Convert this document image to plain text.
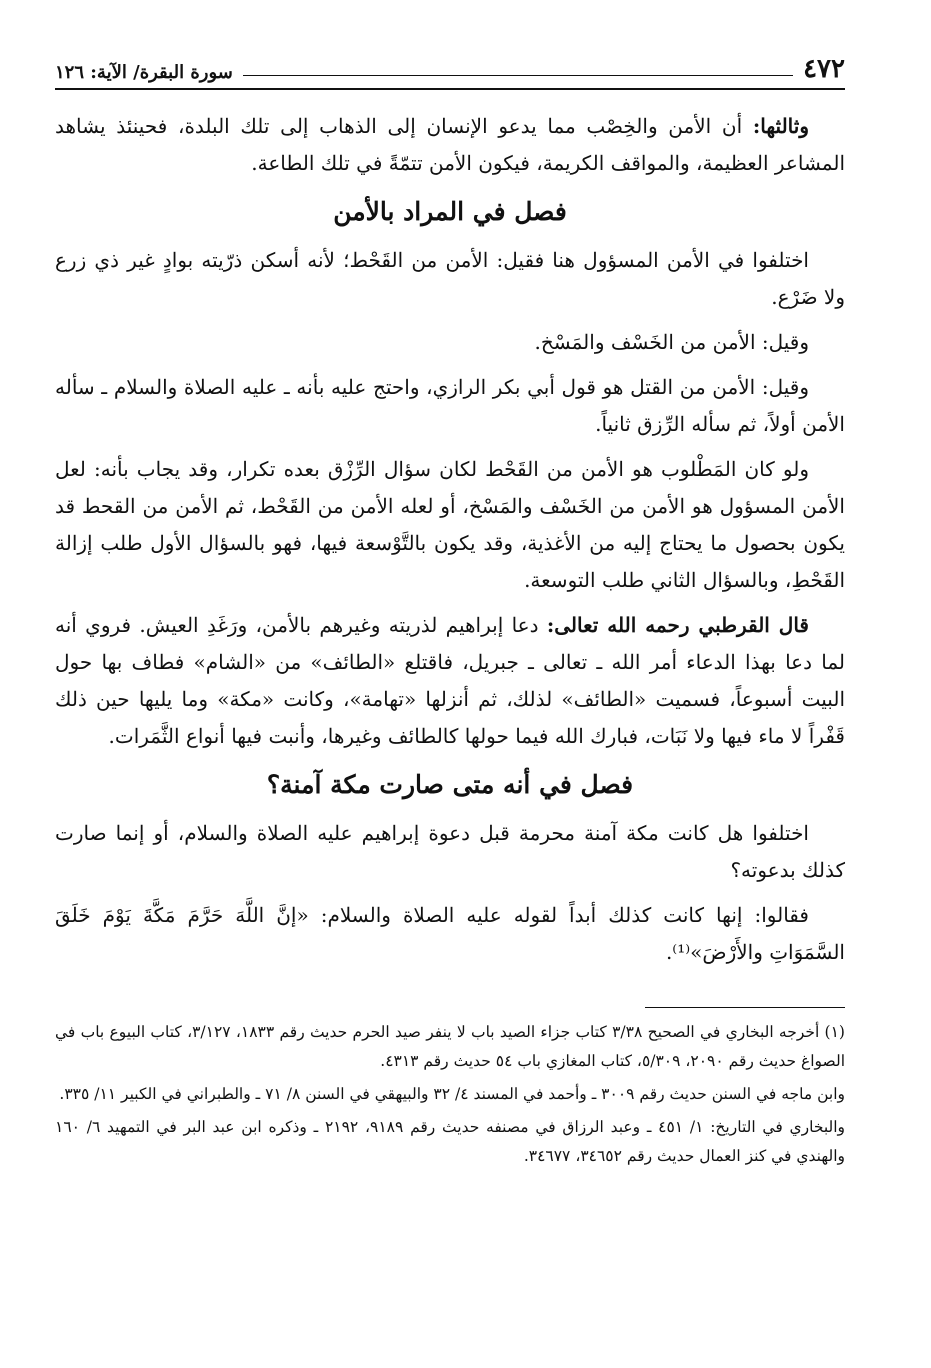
٤٧٢
سورة البقرة/ الآية: ١٢٦

وثالثها: أن الأمن والخِصْب مما يدعو الإنسان إلى الذهاب إلى تلك البلدة، فحينئذ يشاهد المشاعر العظيمة، والمواقف الكريمة، فيكون الأمن تتمّةً في تلك الطاعة.

فصل في المراد بالأمن

اختلفوا في الأمن المسؤول هنا فقيل: الأمن من القَحْط؛ لأنه أسكن ذرّيته بوادٍ غير ذي زرع ولا ضَرْع.

وقيل: الأمن من الخَسْف والمَسْخ.

وقيل: الأمن من القتل هو قول أبي بكر الرازي، واحتج عليه بأنه ـ عليه الصلاة والسلام ـ سأله الأمن أولاً، ثم سأله الرِّزق ثانياً.

ولو كان المَطْلوب هو الأمن من القَحْط لكان سؤال الرِّزْق بعده تكرار، وقد يجاب بأنه: لعل الأمن المسؤول هو الأمن من الخَسْف والمَسْخ، أو لعله الأمن من القَحْط، ثم الأمن من القحط قد يكون بحصول ما يحتاج إليه من الأغذية، وقد يكون بالتَّوْسعة فيها، فهو بالسؤال الأول طلب إزالة القَحْطِ، وبالسؤال الثاني طلب التوسعة.

قال القرطبي رحمه الله تعالى: دعا إبراهيم لذريته وغيرهم بالأمن، ورَغَدِ العيش. فروي أنه لما دعا بهذا الدعاء أمر الله ـ تعالى ـ جبريل، فاقتلع «الطائف» من «الشام» فطاف بها حول البيت أسبوعاً، فسميت «الطائف» لذلك، ثم أنزلها «تهامة»، وكانت «مكة» وما يليها حين ذلك قَفْراً لا ماء فيها ولا نَبَات، فبارك الله فيما حولها كالطائف وغيرها، وأنبت فيها أنواع الثَّمَرات.

فصل في أنه متى صارت مكة آمنة؟

اختلفوا هل كانت مكة آمنة محرمة قبل دعوة إبراهيم عليه الصلاة والسلام، أو إنما صارت كذلك بدعوته؟

فقالوا: إنها كانت كذلك أبداً لقوله عليه الصلاة والسلام: «إنَّ اللَّهَ حَرَّمَ مَكَّةَ يَوْمَ خَلَقَ السَّمَوَاتِ والأَرْضَ»⁽¹⁾.

(١) أخرجه البخاري في الصحيح ٣/٣٨ كتاب جزاء الصيد باب لا ينفر صيد الحرم حديث رقم ١٨٣٣، ٣/١٢٧، كتاب البيوع باب في الصواغ حديث رقم ٢٠٩٠، ٥/٣٠٩، كتاب المغازي باب ٥٤ حديث رقم ٤٣١٣.

وابن ماجه في السنن حديث رقم ٣٠٠٩ ـ وأحمد في المسند ٤/ ٣٢ والبيهقي في السنن ٨/ ٧١ ـ والطبراني في الكبير ١١/ ٣٣٥.

والبخاري في التاريخ: ١/ ٤٥١ ـ وعبد الرزاق في مصنفه حديث رقم ٩١٨٩، ٢١٩٢ ـ وذكره ابن عبد البر في التمهيد ٦/ ١٦٠ والهندي في كنز العمال حديث رقم ٣٤٦٥٢، ٣٤٦٧٧.
